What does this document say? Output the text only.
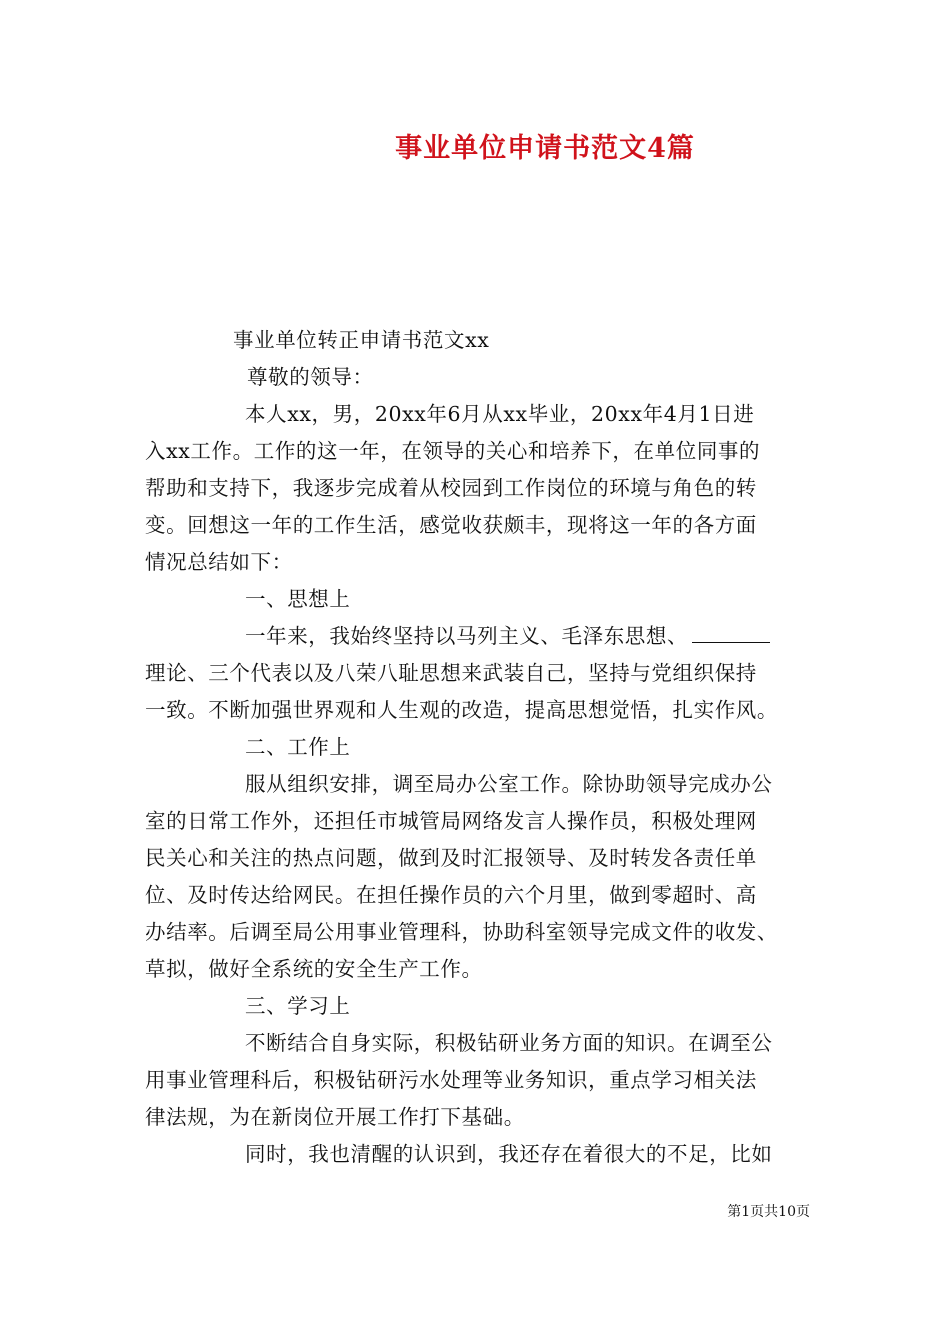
事业单位申请书范文4篇
事业单位转正申请书范文xx
尊敬的领导：
本人xx，男，20xx年6月从xx毕业，20xx年4月1日进
入xx工作。工作的这一年，在领导的关心和培养下，在单位同事的
帮助和支持下，我逐步完成着从校园到工作岗位的环境与角色的转
变。回想这一年的工作生活，感觉收获颇丰，现将这一年的各方面
情况总结如下：
一、思想上
一年来，我始终坚持以马列主义、毛泽东思想、
理论、三个代表以及八荣八耻思想来武装自己，坚持与党组织保持
一致。不断加强世界观和人生观的改造，提高思想觉悟，扎实作风。
二、工作上
服从组织安排，调至局办公室工作。除协助领导完成办公
室的日常工作外，还担任市城管局网络发言人操作员，积极处理网
民关心和关注的热点问题，做到及时汇报领导、及时转发各责任单
位、及时传达给网民。在担任操作员的六个月里，做到零超时、高
办结率。后调至局公用事业管理科，协助科室领导完成文件的收发、
草拟，做好全系统的安全生产工作。
三、学习上
不断结合自身实际，积极钻研业务方面的知识。在调至公
用事业管理科后，积极钻研污水处理等业务知识，重点学习相关法
律法规，为在新岗位开展工作打下基础。
同时，我也清醒的认识到，我还存在着很大的不足，比如
第1页共10页
